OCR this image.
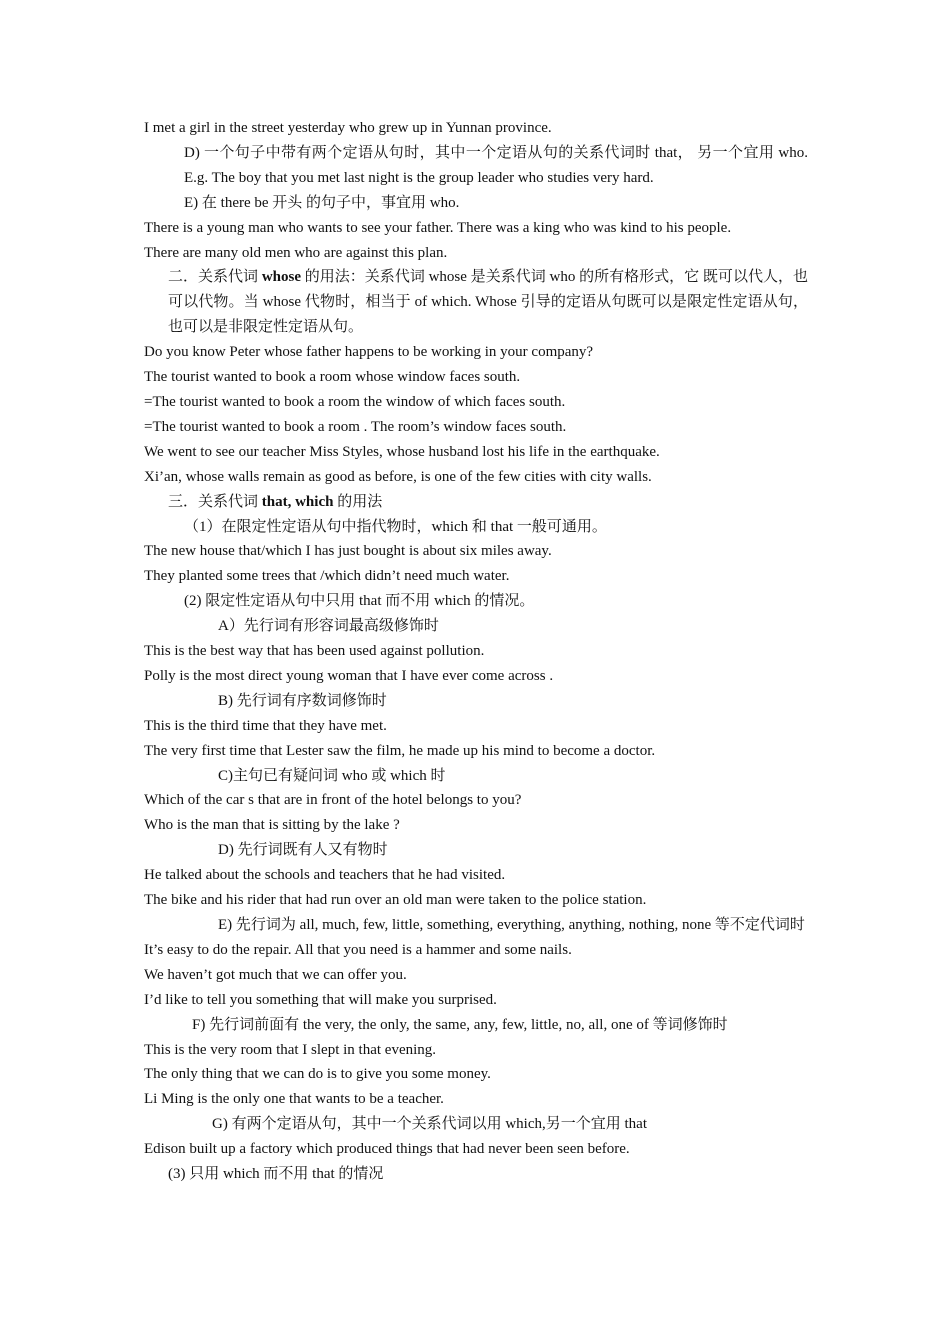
I met a girl in the street yesterday who grew up in Yunnan province.

D) 一个句子中带有两个定语从句时，其中一个定语从句的关系代词时 that， 另一个宜用 who. E.g. The boy that you met last night is the group leader who studies very hard.

E) 在 there be 开头 的句子中，事宜用 who.

There is a young man who wants to see your father. There was a king who was kind to his people.

There are many old men who are against this plan.

二．关系代词 whose 的用法：关系代词 whose 是关系代词 who 的所有格形式，它 既可以代人，也可以代物。当 whose 代物时，相当于 of which. Whose 引导的定语从句既可以是限定性定语从句，也可以是非限定性定语从句。

Do you know Peter whose father happens to be working in your company?

The tourist wanted to book a room whose window faces south.

=The tourist wanted to book a room the window of which faces south.

=The tourist wanted to book a room . The room’s window faces south.

We went to see our teacher Miss Styles, whose husband lost his life in the earthquake.

Xi’an, whose walls remain as good as before, is one of the few cities with city walls.

三．关系代词 that, which 的用法

（1）在限定性定语从句中指代物时，which 和 that 一般可通用。

The new house that/which I has just bought is about six miles away.

They planted some trees that /which didn’t need much water.

(2) 限定性定语从句中只用 that 而不用 which 的情况。

A）先行词有形容词最高级修饰时

This is the best way that has been used against pollution.

Polly is the most direct young woman that I have ever come across .

B) 先行词有序数词修饰时

This is the third time that they have met.

The very first time that Lester saw the film, he made up his mind to become a doctor.

C)主句已有疑问词 who 或 which 时

Which of the car s that are in front of the hotel belongs to you?

Who is the man that is sitting by the lake ?

D) 先行词既有人又有物时

He talked about the schools and teachers that he had visited.

The bike and his rider that had run over an old man were taken to the police station.

E) 先行词为 all, much, few, little, something, everything, anything, nothing, none 等不定代词时

It’s easy to do the repair. All that you need is a hammer and some nails.

We haven’t got much that we can offer you.

I’d like to tell you something that will make you surprised.

F) 先行词前面有 the very, the only, the same, any, few, little, no, all, one of 等词修饰时

This is the very room that I slept in that evening.

The only thing that we can do is to give you some money.

Li Ming is the only one that wants to be a teacher.

G) 有两个定语从句，其中一个关系代词以用 which,另一个宜用 that

Edison built up a factory which produced things that had never been seen before.

(3) 只用 which 而不用 that 的情况
